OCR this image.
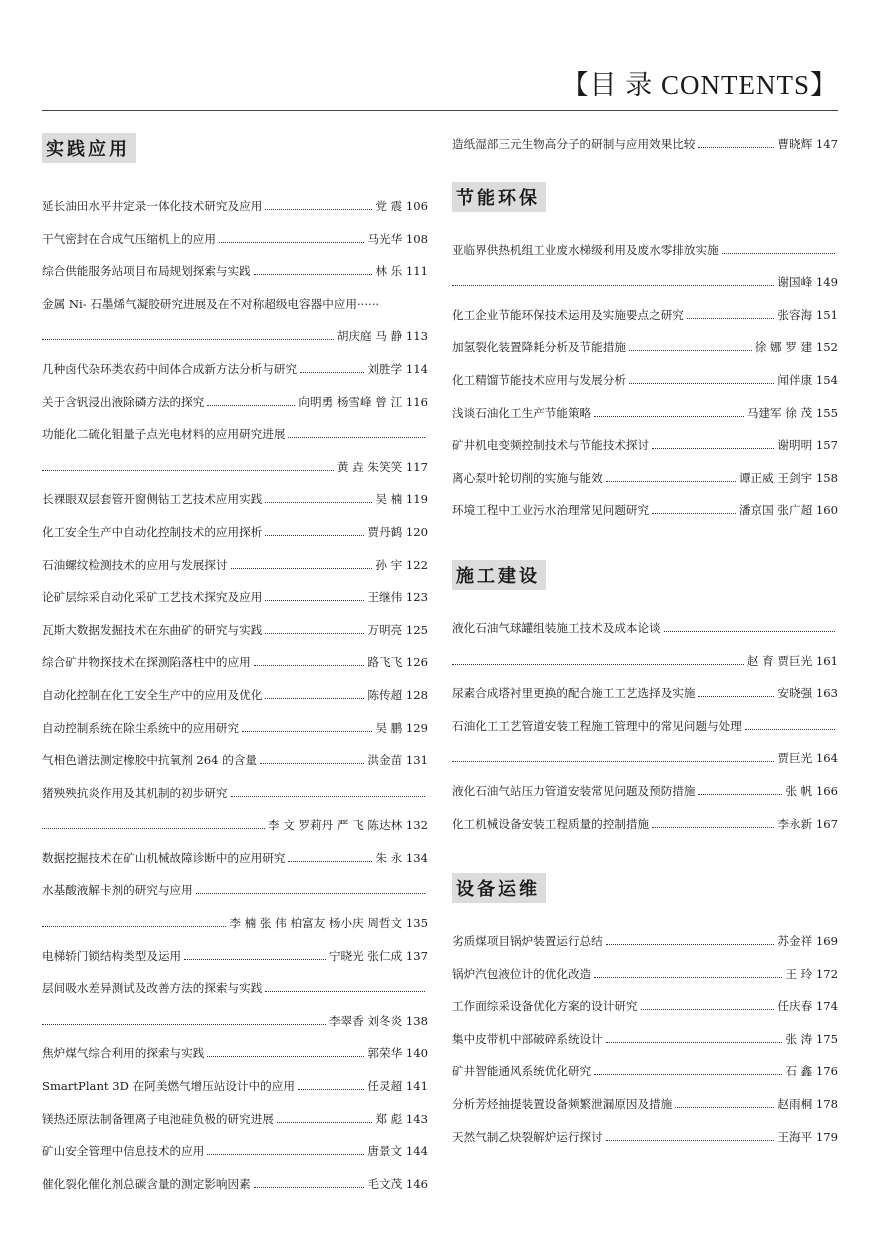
【目 录 CONTENTS】
实践应用
延长油田水平井定录一体化技术研究及应用	党 震 106
干气密封在合成气压缩机上的应用	马光华 108
综合供能服务站项目布局规划探索与实践	林 乐 111
金属 Ni- 石墨烯气凝胶研究进展及在不对称超级电容器中应用······
胡庆庭 马 静 113
几种卤代杂环类农药中间体合成新方法分析与研究	刘胜学 114
关于含钒浸出液除磷方法的探究	向明勇 杨雪峰 曾 江 116
功能化二硫化钼量子点光电材料的应用研究进展
黄 垚 朱笑笑 117
长裸眼双层套管开窗侧钻工艺技术应用实践	吴 楠 119
化工安全生产中自动化控制技术的应用探析	贾丹鹤 120
石油螺纹检测技术的应用与发展探讨	孙 宇 122
论矿层综采自动化采矿工艺技术探究及应用	王继伟 123
瓦斯大数据发掘技术在东曲矿的研究与实践	万明亮 125
综合矿井物探技术在探测陷落柱中的应用	路飞飞 126
自动化控制在化工安全生产中的应用及优化	陈传超 128
自动控制系统在除尘系统中的应用研究	吴 鹏 129
气相色谱法测定橡胶中抗氧剂 264 的含量	洪金苗 131
猪殃殃抗炎作用及其机制的初步研究
李 文 罗莉丹 严 飞 陈达林 132
数据挖掘技术在矿山机械故障诊断中的应用研究	朱 永 134
水基酸液解卡剂的研究与应用
李 楠 张 伟 柏富友 杨小庆 周哲文 135
电梯轿门锁结构类型及运用	宁晓光 张仁成 137
层间吸水差异测试及改善方法的探索与实践
李翠香 刘冬炎 138
焦炉煤气综合利用的探索与实践	郭荣华 140
SmartPlant 3D 在阿美燃气增压站设计中的应用	任灵超 141
镁热还原法制备锂离子电池硅负极的研究进展	郑 彪 143
矿山安全管理中信息技术的应用	唐景文 144
催化裂化催化剂总碳含量的测定影响因素	毛文茂 146
造纸湿部三元生物高分子的研制与应用效果比较	曹晓辉 147
节能环保
亚临界供热机组工业废水梯级利用及废水零排放实施
谢国峰 149
化工企业节能环保技术运用及实施要点之研究	张容海 151
加氢裂化装置降耗分析及节能措施	徐 娜 罗 建 152
化工精馏节能技术应用与发展分析	闻伴康 154
浅谈石油化工生产节能策略	马建军 徐 茂 155
矿井机电变频控制技术与节能技术探讨	谢明明 157
离心泵叶轮切削的实施与能效	谭正威 王剑宇 158
环境工程中工业污水治理常见问题研究	潘京国 张广超 160
施工建设
液化石油气球罐组装施工技术及成本论谈
赵 育 贾巨光 161
尿素合成塔衬里更换的配合施工工艺选择及实施	安晓强 163
石油化工工艺管道安装工程施工管理中的常见问题与处理
贾巨光 164
液化石油气站压力管道安装常见问题及预防措施	张 帆 166
化工机械设备安装工程质量的控制措施	李永新 167
设备运维
劣质煤项目锅炉装置运行总结	苏金祥 169
锅炉汽包液位计的优化改造	王 玲 172
工作面综采设备优化方案的设计研究	任庆春 174
集中皮带机中部破碎系统设计	张 涛 175
矿井智能通风系统优化研究	石 鑫 176
分析芳烃抽提装置设备频繁泄漏原因及措施	赵雨桐 178
天然气制乙炔裂解炉运行探讨	王海平 179
